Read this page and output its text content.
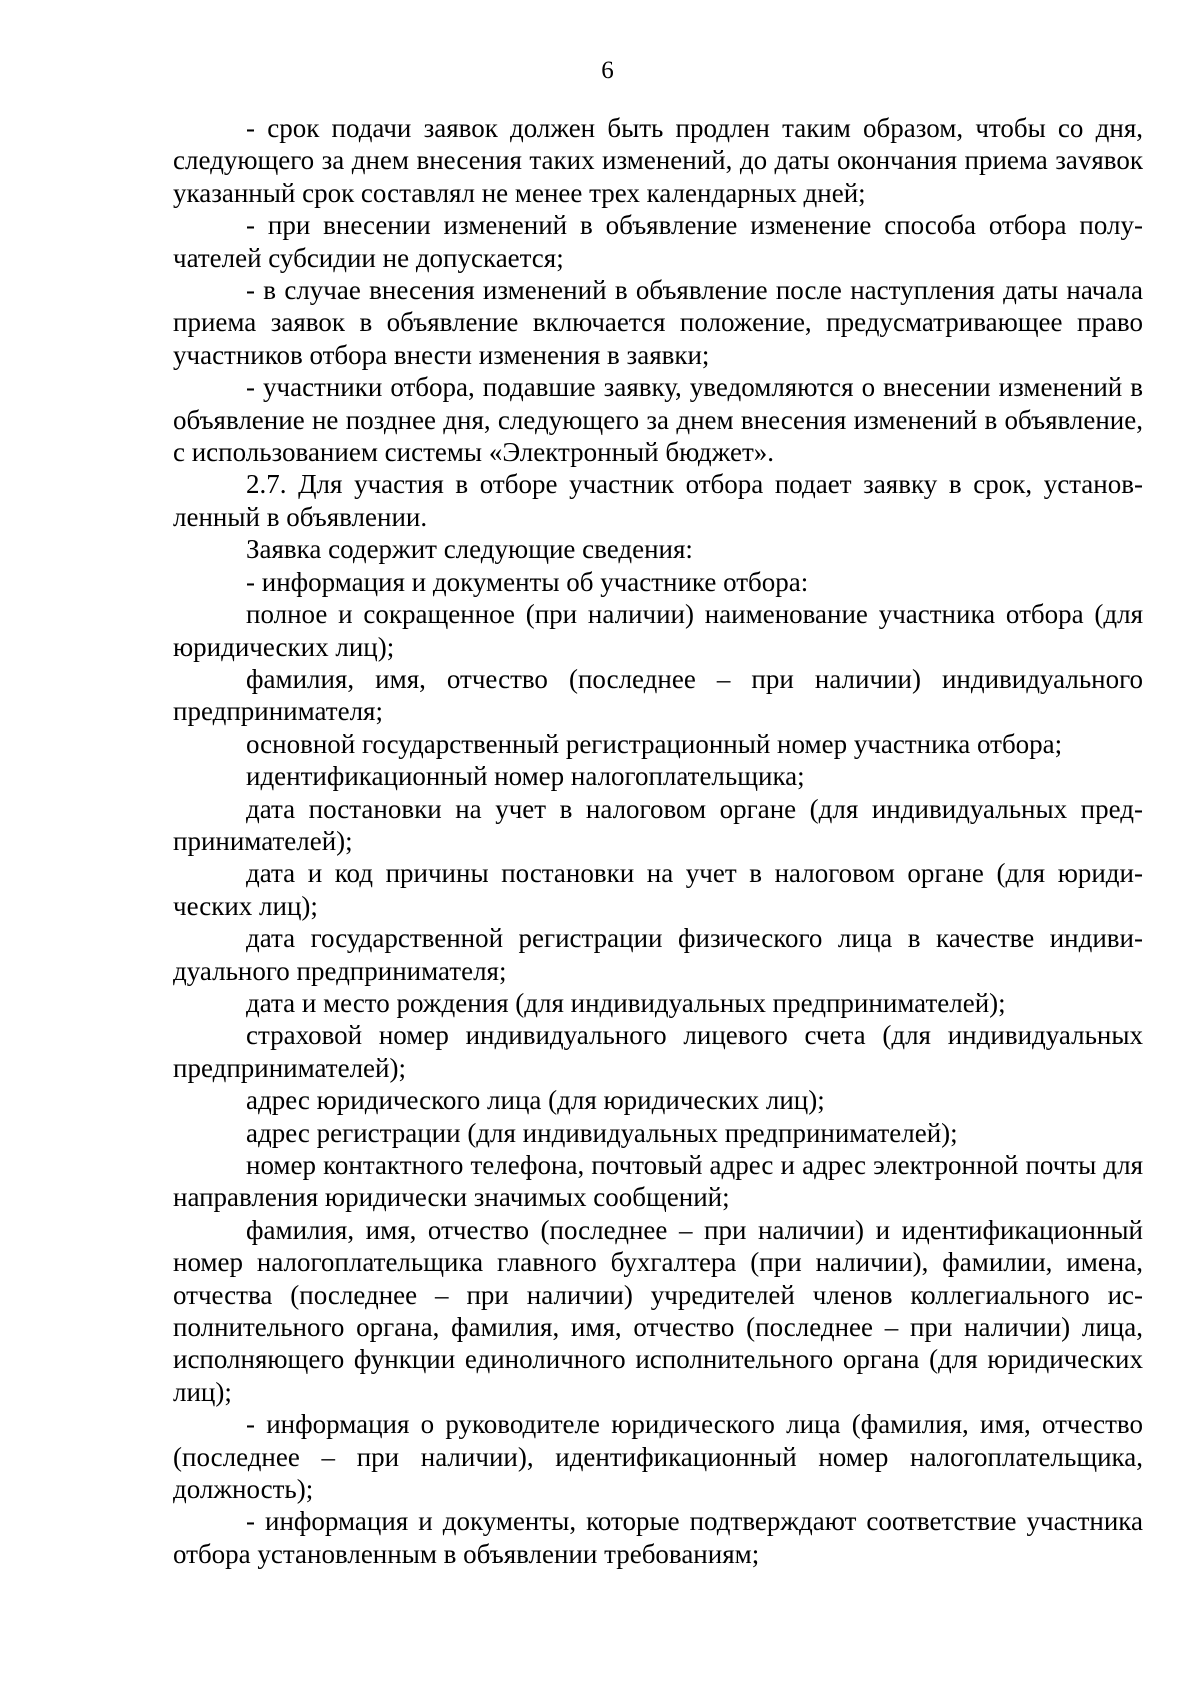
6

- срок подачи заявок должен быть продлен таким образом, чтобы со дня, следующего за днем внесения таких изменений, до даты окончания приема заvявок указанный срок составлял не менее трех календарных дней;

- при внесении изменений в объявление изменение способа отбора получателей субсидии не допускается;

- в случае внесения изменений в объявление после наступления даты начала приема заявок в объявление включается положение, предусматривающее право участников отбора внести изменения в заявки;

- участники отбора, подавшие заявку, уведомляются о внесении изменений в объявление не позднее дня, следующего за днем внесения изменений в объявление, с использованием системы «Электронный бюджет».

2.7. Для участия в отборе участник отбора подает заявку в срок, установленный в объявлении.

Заявка содержит следующие сведения:

- информация и документы об участнике отбора:

полное и сокращенное (при наличии) наименование участника отбора (для юридических лиц);

фамилия, имя, отчество (последнее – при наличии) индивидуального предпринимателя;

основной государственный регистрационный номер участника отбора;

идентификационный номер налогоплательщика;

дата постановки на учет в налоговом органе (для индивидуальных предпринимателей);

дата и код причины постановки на учет в налоговом органе (для юридических лиц);

дата государственной регистрации физического лица в качестве индивидуального предпринимателя;

дата и место рождения (для индивидуальных предпринимателей);

страховой номер индивидуального лицевого счета (для индивидуальных предпринимателей);

адрес юридического лица (для юридических лиц);

адрес регистрации (для индивидуальных предпринимателей);

номер контактного телефона, почтовый адрес и адрес электронной почты для направления юридически значимых сообщений;

фамилия, имя, отчество (последнее – при наличии) и идентификационный номер налогоплательщика главного бухгалтера (при наличии), фамилии, имена, отчества (последнее – при наличии) учредителей членов коллегиального исполнительного органа, фамилия, имя, отчество (последнее – при наличии) лица, исполняющего функции единоличного исполнительного органа (для юридических лиц);

- информация о руководителе юридического лица (фамилия, имя, отчество (последнее – при наличии), идентификационный номер налогоплательщика, должность);

- информация и документы, которые подтверждают соответствие участника отбора установленным в объявлении требованиям;
